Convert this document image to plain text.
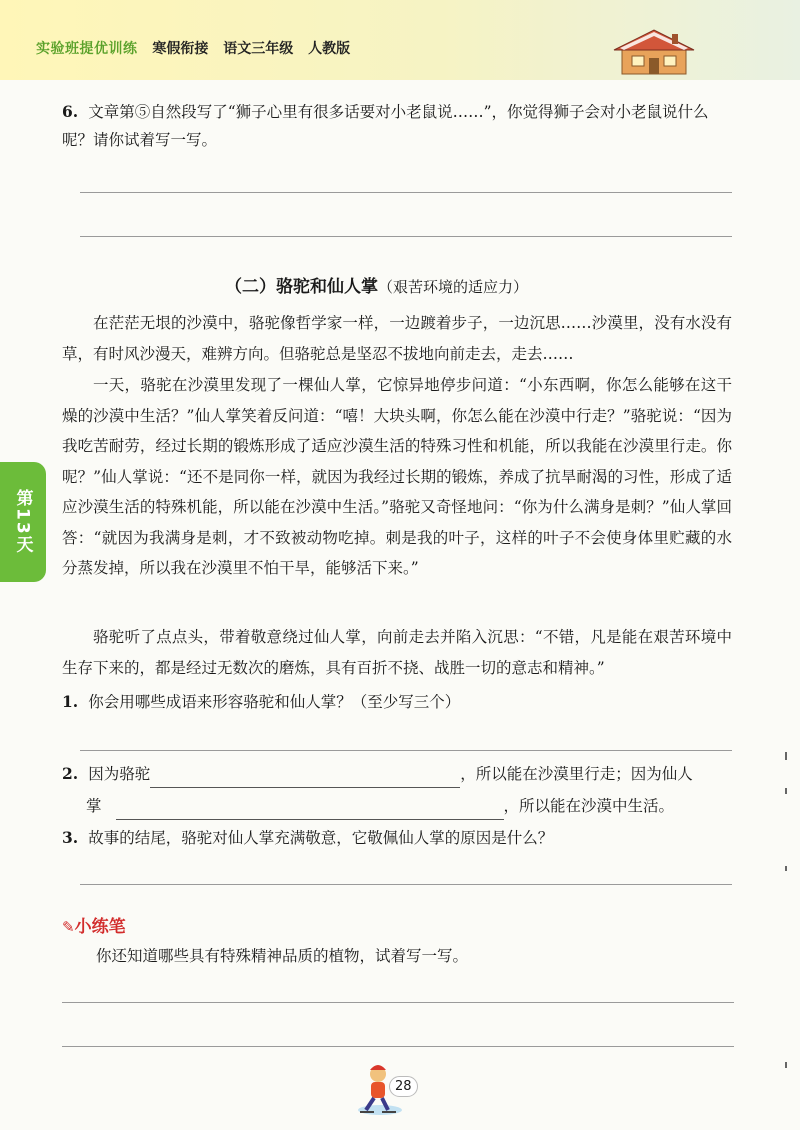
实验班提优训练 寒假衔接 语文三年级 人教版
6. 文章第⑤自然段写了“狮子心里有很多话要对小老鼠说……”，你觉得狮子会对小老鼠说什么呢？请你试着写一写。
（二）骆驼和仙人掌（艰苦环境的适应力）
在茫茫无垠的沙漠中，骆驼像哲学家一样，一边踱着步子，一边沉思……沙漠里，没有水没有草，有时风沙漫天，难辨方向。但骆驼总是坚忍不拔地向前走去，走去……
一天，骆驼在沙漠里发现了一棵仙人掌，它惊异地停步问道：“小东西啊，你怎么能够在这干燥的沙漠中生活？”仙人掌笑着反问道：“嘻！大块头啊，你怎么能在沙漠中行走？”骆驼说：“因为我吃苦耐劳，经过长期的锻炼形成了适应沙漠生活的特殊习性和机能，所以我能在沙漠里行走。你呢？”仙人掌说：“还不是同你一样，就因为我经过长期的锻炼，养成了抗旱耐渴的习性，形成了适应沙漠生活的特殊机能，所以能在沙漠中生活。”骆驼又奇怪地问：“你为什么满身是刺？”仙人掌回答：“就因为我满身是刺，才不致被动物吃掉。刺是我的叶子，这样的叶子不会使身体里贮藏的水分蒸发掉，所以我在沙漠里不怕干旱，能够活下来。”
骆驼听了点点头，带着敬意绕过仙人掌，向前走去并陷入沉思：“不错，凡是能在艰苦环境中生存下来的，都是经过无数次的磨炼，具有百折不挠、战胜一切的意志和精神。”
第13天
1. 你会用哪些成语来形容骆驼和仙人掌？（至少写三个）
2. 因为骆驼	，所以能在沙漠里行走；因为仙人
掌	，所以能在沙漠中生活。
3. 故事的结尾，骆驼对仙人掌充满敬意，它敬佩仙人掌的原因是什么？
✎小练笔
你还知道哪些具有特殊精神品质的植物，试着写一写。
28
